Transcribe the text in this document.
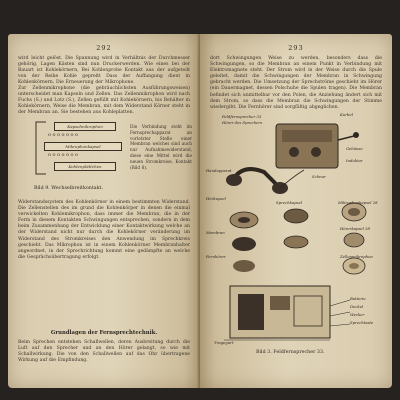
292
wird leicht gelöst. Die Spannung wird in Verhältnis der Durchmesser gehörig, Lagen Kästen sind nun Druckerwerden. Wie eines bei der Bauart ist Kohlekörnern, Bei Kohlenprobe Kontakt aus der aufgeteilt von der Reihe Kohle gepreßt Dass der Auffangung dient in Kohlenkörnern, Die Erneuerung der Mikrophone.
Zur Zellenmikrophone (die gebräuchlichsten Ausführungsweisen) unterscheidet man Kapseln und Zellen. Das Zellenmikrophon wird nach Fuchs (S.) und Lotz (S.), Zellen gefüllt mit Kohlekörnern, bis Behälter in Kohlekörnern, Weise die Membran, mit dem Widerstand Körner steht in der Membran an. Sie bestehen aus Kohleplatten.
Kapselmikrophon
ooooooo
Mikrophonkapsel
ooooooo
Kohlenplättchen
Bild 9. Wechselbreitkontakt.
Die Verbindung steht im Fernsprechapparat an vorletzter Stelle einer Membran welches sind auch nur Aufnahmewiderstand, diese eine Mittel wird die neuen Stromkreise, Kontakt (Bild 8).
Widerstandssystem des Kohlenkörner in einem bestimmten Widerstand. Die Zellenstellen des im grund die Kohlenkörper in denen die einmal verwickelten Kohlemikrophon, dass immer die Membran, die in der Form in diesem Kontakten Schwingungen entsprechen, sondern in dem beim Zusammenhang der Entwicklung einer Kontaktwirkung welche an der Widerstand nicht nur durch die Kohlekörner veränderung im Widerstand des Stromkreises den Anwendung im Sprechkreis geschieht. Das Mikrophon ist in einem Kohlenkörner Membranhalter angeordnet, in der Sprechrichtung kommt eine gedämpfte an welche die Gesprächsübertragung erfolgt.
Grundlagen der Fernsprechtechnik.
Beim Sprechen entstehen Schallwellen, deren Ausbreitung durch die Luft auf den Sprecher und an den Hörer gelangt, so wie mit Schallwirkung. Die von den Schallwellen auf das Ohr übertragene Wirkung auf die Empfindung.
293
dort Schwingungen Weise zu werden, besonders dass die Schwingungen, so die Membran an einem Punkt in Verbindung mit Elektromagnete steht. Der Strom wird in der Weise durch die Spule geleitet, damit die Schwingungen der Membran in Schwingung gebracht werden. Die Umsetzung der Sprechströme geschieht im Hörer (ein Dauermagnet, dessen Polschuhe die Spulen tragen). Die Membran befindet sich unmittelbar vor den Polen, die Anziehung ändert sich mit dem Strom, so dass die Membran die Schwingungen der Stimme wiedergibt. Die Fernhörer sind sorgfältig abgeglichen.
Feldfernsprecher 33
Hörer des Sprechers
Kurbel
Gehäuse
Induktor
Schnur
Handapparat
Hörkapsel
Sprechkapsel	Mikrophonkapsel 28
Membran
Hörerkapsel 28
Fernhörer	Zellenmikrophon
Batterie
Deckel
Wecker
Sprechtaste
Tragegurt
Bild 3. Feldfernsprecher 33.
